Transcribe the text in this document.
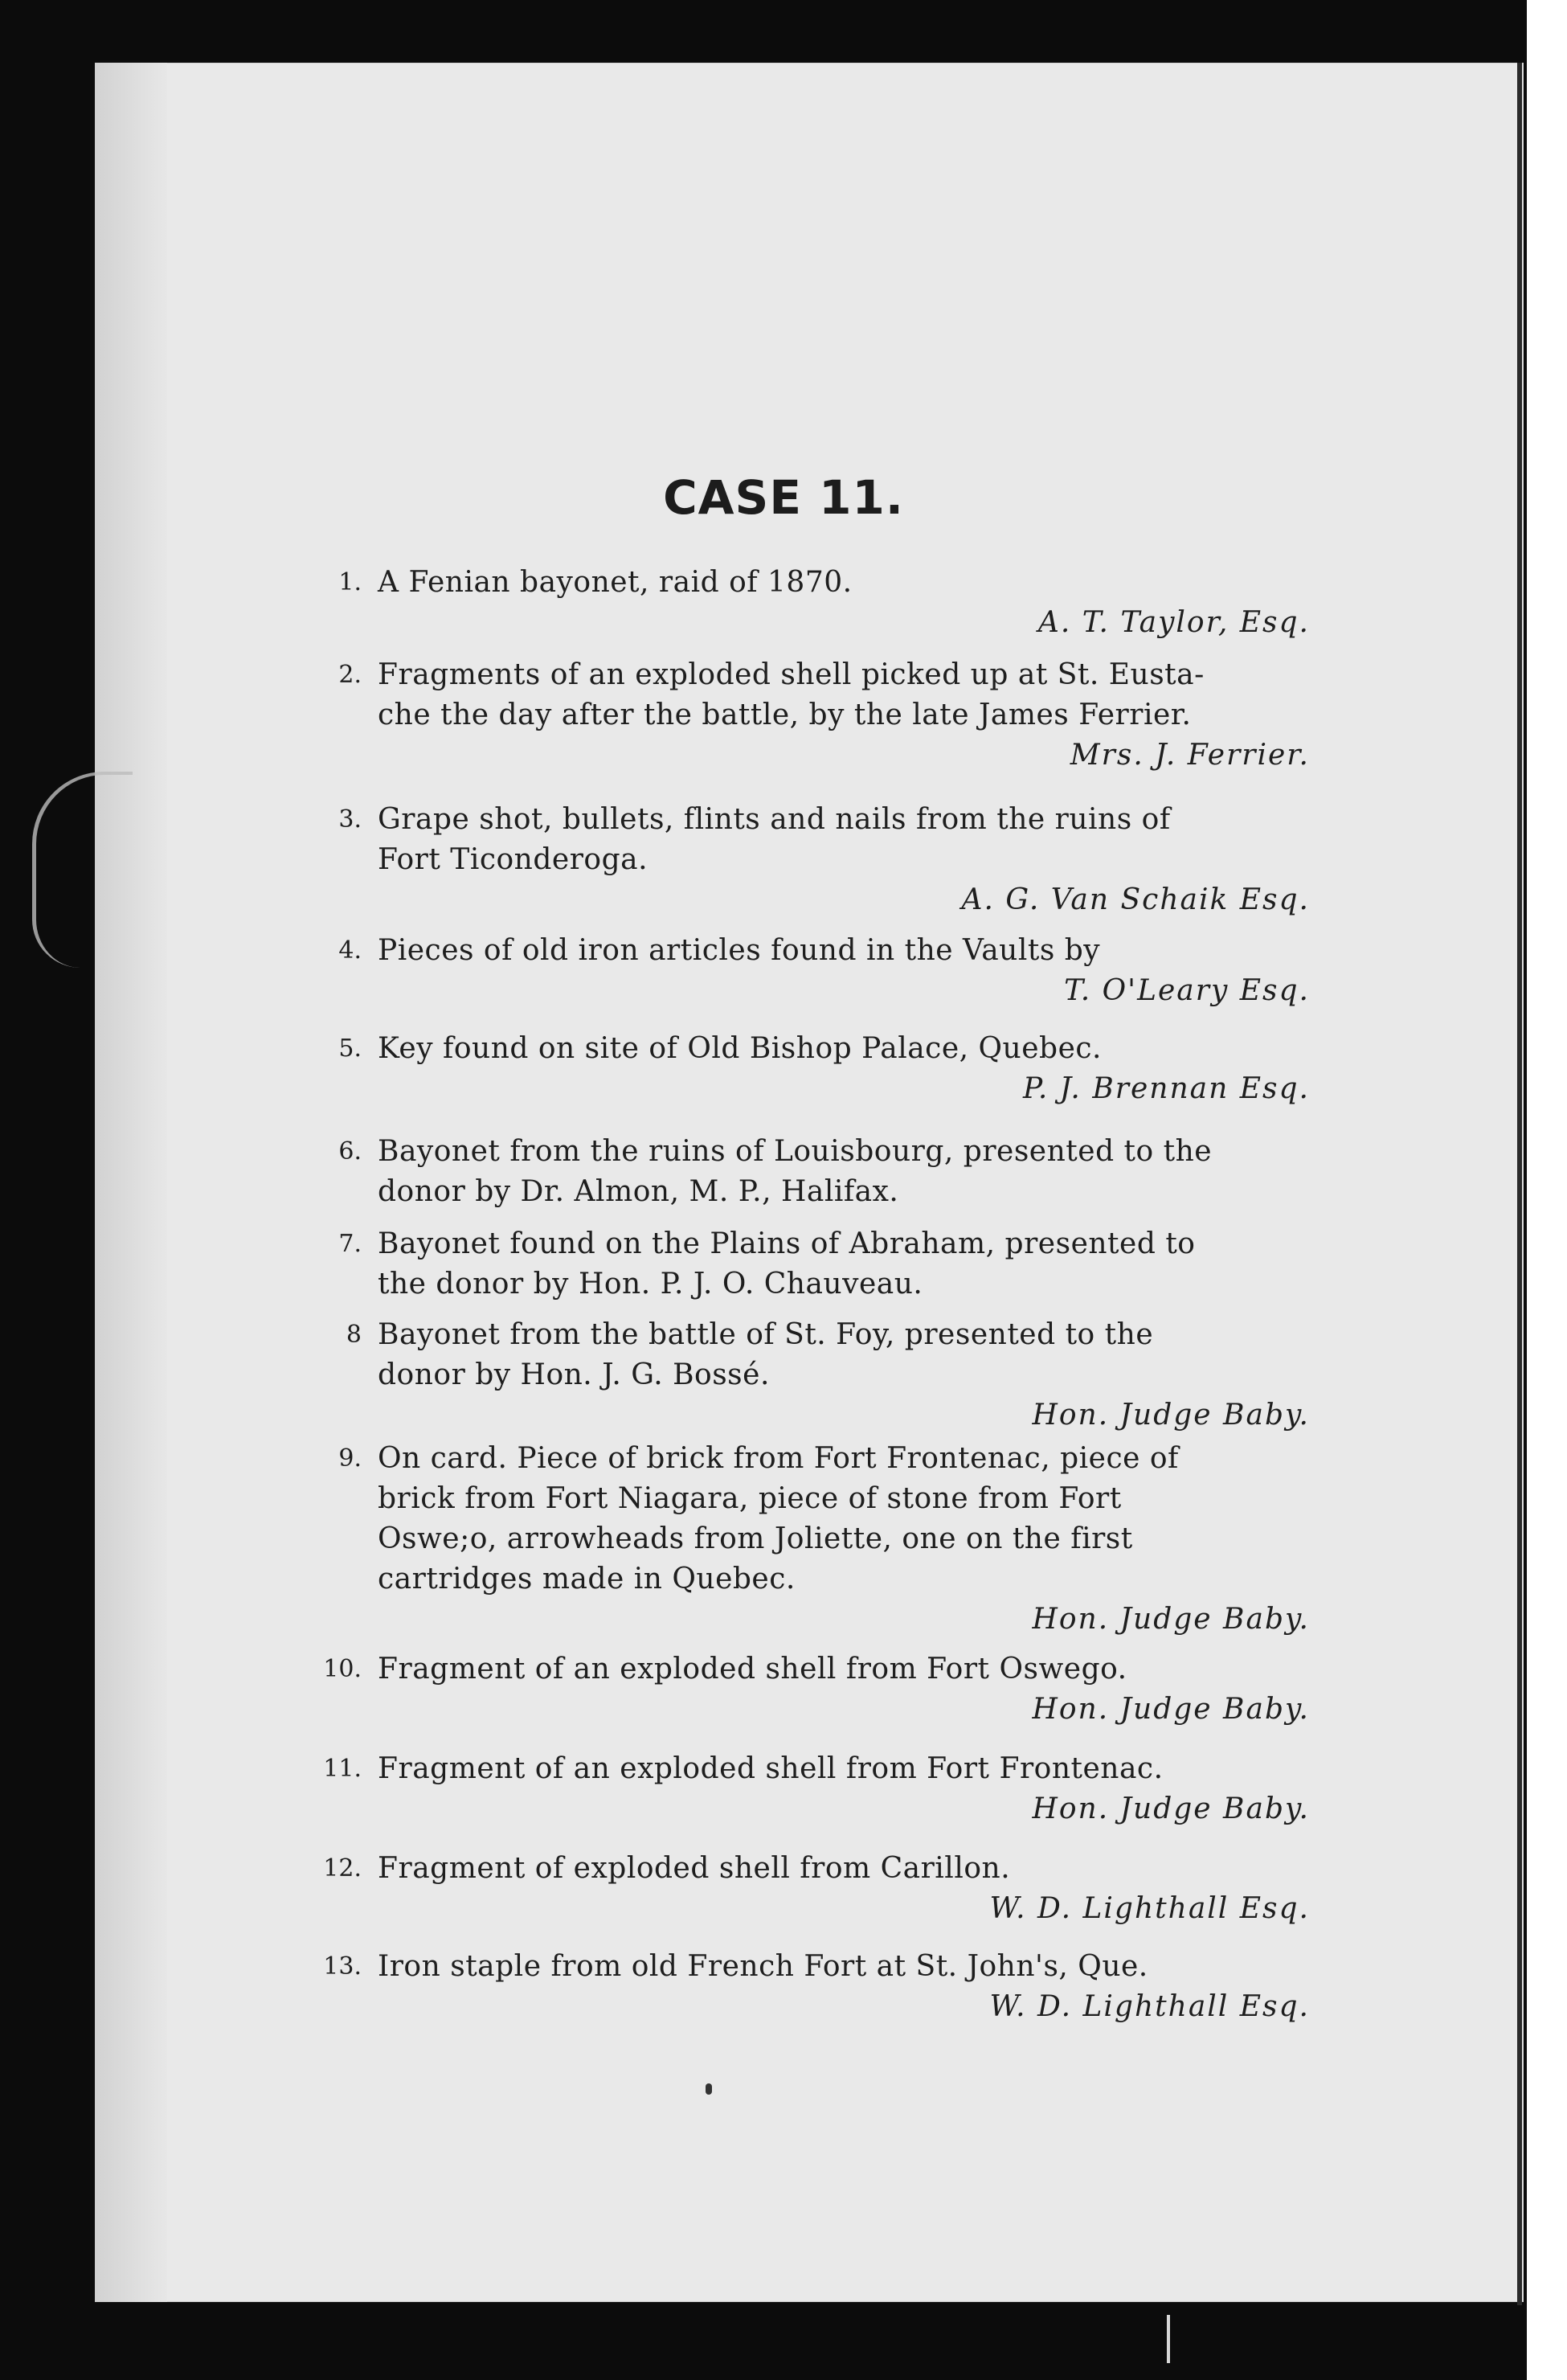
CASE 11.
1. A Fenian bayonet, raid of 1870.
A. T. Taylor, Esq.
2. Fragments of an exploded shell picked up at St. Eusta-
che the day after the battle, by the late James Ferrier.
Mrs. J. Ferrier.
3. Grape shot, bullets, flints and nails from the ruins of
Fort Ticonderoga.
A. G. Van Schaik Esq.
4. Pieces of old iron articles found in the Vaults by
T. O'Leary Esq.
5. Key found on site of Old Bishop Palace, Quebec.
P. J. Brennan Esq.
6. Bayonet from the ruins of Louisbourg, presented to the
donor by Dr. Almon, M. P., Halifax.
7. Bayonet found on the Plains of Abraham, presented to
the donor by Hon. P. J. O. Chauveau.
8 Bayonet from the battle of St. Foy, presented to the
donor by Hon. J. G. Bossé.
Hon. Judge Baby.
9. On card. Piece of brick from Fort Frontenac, piece of
brick from Fort Niagara, piece of stone from Fort
Oswe;o, arrowheads from Joliette, one on the first
cartridges made in Quebec.
Hon. Judge Baby.
10. Fragment of an exploded shell from Fort Oswego.
Hon. Judge Baby.
11. Fragment of an exploded shell from Fort Frontenac.
Hon. Judge Baby.
12. Fragment of exploded shell from Carillon.
W. D. Lighthall Esq.
13. Iron staple from old French Fort at St. John's, Que.
W. D. Lighthall Esq.
